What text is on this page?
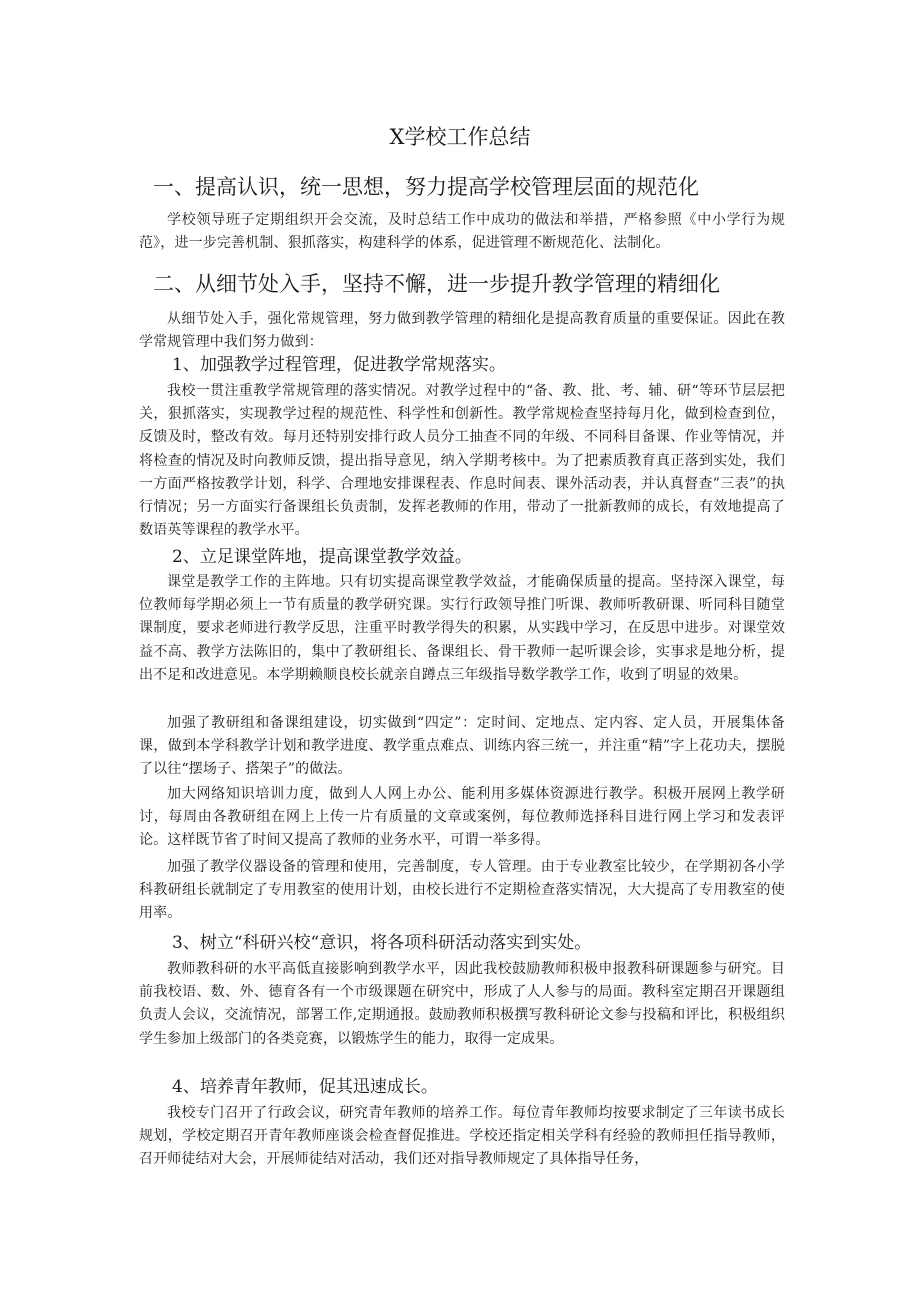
X学校工作总结
一、提高认识，统一思想，努力提高学校管理层面的规范化
学校领导班子定期组织开会交流，及时总结工作中成功的做法和举措，严格参照《中小学行为规范》，进一步完善机制、狠抓落实，构建科学的体系，促进管理不断规范化、法制化。
二、从细节处入手，坚持不懈，进一步提升教学管理的精细化
从细节处入手，强化常规管理，努力做到教学管理的精细化是提高教育质量的重要保证。因此在教学常规管理中我们努力做到：
1、加强教学过程管理，促进教学常规落实。
我校一贯注重教学常规管理的落实情况。对教学过程中的“备、教、批、考、辅、研“等环节层层把关，狠抓落实，实现教学过程的规范性、科学性和创新性。教学常规检查坚持每月化，做到检查到位，反馈及时，整改有效。每月还特别安排行政人员分工抽查不同的年级、不同科目备课、作业等情况，并将检查的情况及时向教师反馈，提出指导意见，纳入学期考核中。为了把素质教育真正落到实处，我们一方面严格按教学计划，科学、合理地安排课程表、作息时间表、课外活动表，并认真督查”三表”的执行情况；另一方面实行备课组长负责制，发挥老教师的作用，带动了一批新教师的成长，有效地提高了数语英等课程的教学水平。
2、立足课堂阵地，提高课堂教学效益。
课堂是教学工作的主阵地。只有切实提高课堂教学效益，才能确保质量的提高。坚持深入课堂，每位教师每学期必须上一节有质量的教学研究课。实行行政领导推门听课、教师听教研课、听同科目随堂课制度，要求老师进行教学反思，注重平时教学得失的积累，从实践中学习，在反思中进步。对课堂效益不高、教学方法陈旧的，集中了教研组长、备课组长、骨干教师一起听课会诊，实事求是地分析，提出不足和改进意见。本学期赖顺良校长就亲自蹲点三年级指导数学教学工作，收到了明显的效果。
加强了教研组和备课组建设，切实做到“四定”：定时间、定地点、定内容、定人员，开展集体备课，做到本学科教学计划和教学进度、教学重点难点、训练内容三统一，并注重“精”字上花功夫，摆脱了以往“摆场子、搭架子”的做法。
加大网络知识培训力度，做到人人网上办公、能利用多媒体资源进行教学。积极开展网上教学研讨，每周由各教研组在网上上传一片有质量的文章或案例，每位教师选择科目进行网上学习和发表评论。这样既节省了时间又提高了教师的业务水平，可谓一举多得。
加强了教学仪器设备的管理和使用，完善制度，专人管理。由于专业教室比较少，在学期初各小学科教研组长就制定了专用教室的使用计划，由校长进行不定期检查落实情况，大大提高了专用教室的使用率。
3、树立“科研兴校“意识，将各项科研活动落实到实处。
教师教科研的水平高低直接影响到教学水平，因此我校鼓励教师积极申报教科研课题参与研究。目前我校语、数、外、德育各有一个市级课题在研究中，形成了人人参与的局面。教科室定期召开课题组负责人会议，交流情况，部署工作,定期通报。鼓励教师积极撰写教科研论文参与投稿和评比，积极组织学生参加上级部门的各类竞赛，以锻炼学生的能力，取得一定成果。
4、培养青年教师，促其迅速成长。
我校专门召开了行政会议，研究青年教师的培养工作。每位青年教师均按要求制定了三年读书成长规划，学校定期召开青年教师座谈会检查督促推进。学校还指定相关学科有经验的教师担任指导教师，召开师徒结对大会，开展师徒结对活动，我们还对指导教师规定了具体指导任务，
